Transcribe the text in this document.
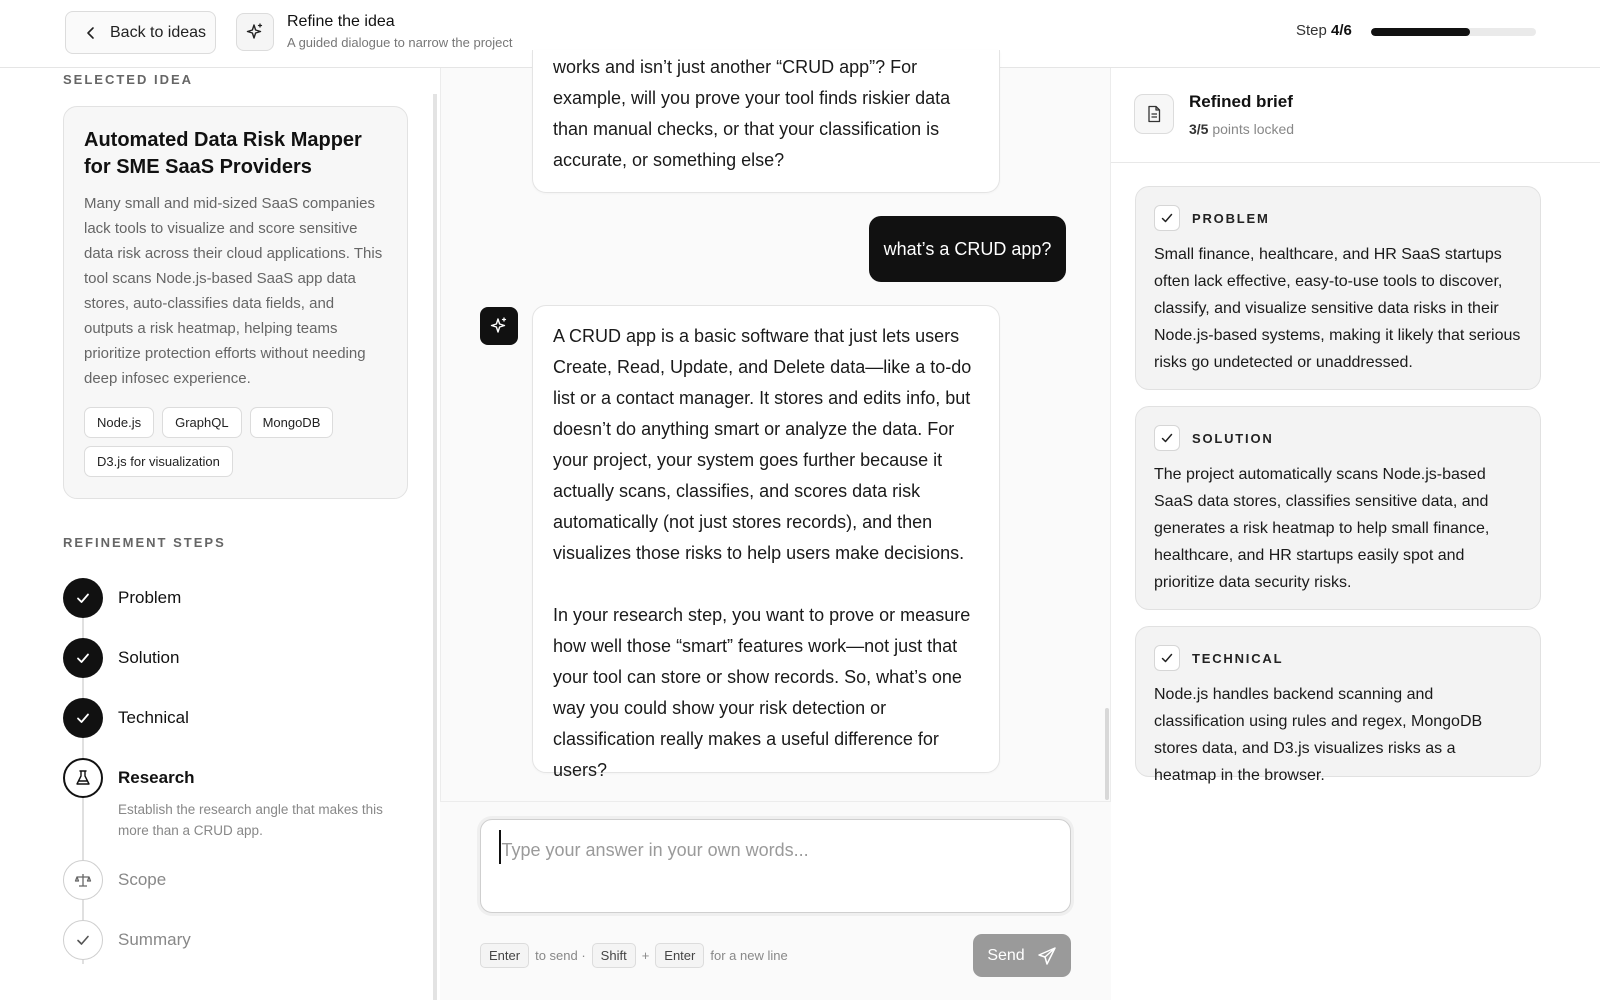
Back to ideas
Refine the idea
A guided dialogue to narrow the project
Step 4/6
SELECTED IDEA
Automated Data Risk Mapper for SME SaaS Providers
Many small and mid-sized SaaS companies lack tools to visualize and score sensitive data risk across their cloud applications. This tool scans Node.js-based SaaS app data stores, auto-classifies data fields, and outputs a risk heatmap, helping teams prioritize protection efforts without needing deep infosec experience.
Node.js	GraphQL	MongoDB
D3.js for visualization
REFINEMENT STEPS
Problem
Solution
Technical
Research
Establish the research angle that makes this more than a CRUD app.
Scope
Summary
works and isn’t just another “CRUD app”? For example, will you prove your tool finds riskier data than manual checks, or that your classification is accurate, or something else?
what’s a CRUD app?

A CRUD app is a basic software that just lets users Create, Read, Update, and Delete data—like a to-do list or a contact manager. It stores and edits info, but doesn’t do anything smart or analyze the data. For your project, your system goes further because it actually scans, classifies, and scores data risk automatically (not just stores records), and then visualizes those risks to help users make decisions.

In your research step, you want to prove or measure how well those “smart” features work—not just that your tool can store or show records. So, what’s one way you could show your risk detection or classification really makes a useful difference for users?

Type your answer in your own words...
Enter	to send ·	Shift	+	Enter	for a new line	Send
Refined brief
3/5 points locked
PROBLEM
Small finance, healthcare, and HR SaaS startups often lack effective, easy-to-use tools to discover, classify, and visualize sensitive data risks in their Node.js-based systems, making it likely that serious risks go undetected or unaddressed.
SOLUTION
The project automatically scans Node.js-based SaaS data stores, classifies sensitive data, and generates a risk heatmap to help small finance, healthcare, and HR startups easily spot and prioritize data security risks.
TECHNICAL
Node.js handles backend scanning and classification using rules and regex, MongoDB stores data, and D3.js visualizes risks as a heatmap in the browser.
